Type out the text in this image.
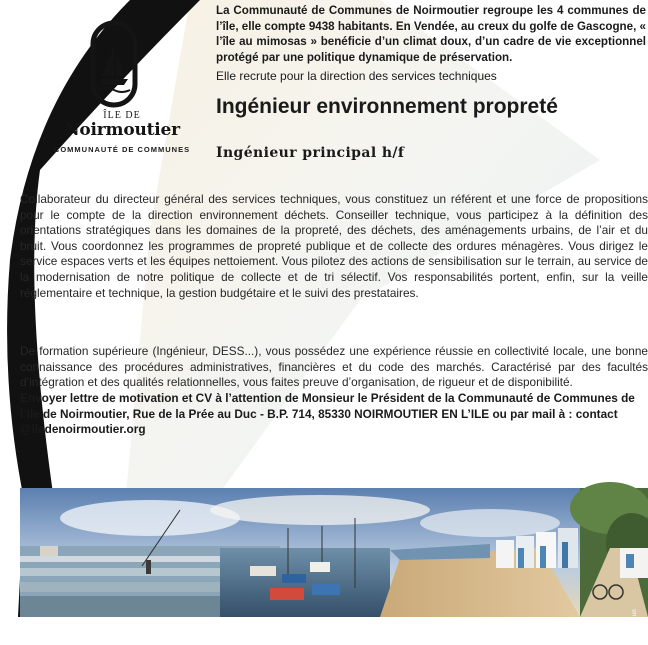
ÎLE DE
Noirmoutier
COMMUNAUTÉ DE COMMUNES

La Communauté de Communes de Noirmoutier regroupe les 4 communes de l’île, elle compte 9438 habitants. En Vendée, au creux du golfe de Gascogne, « l’île au mimosas » benéficie d’un climat doux, d’un cadre de vie exceptionnel protégé par une politique dynamique de préservation.

Elle recrute pour la direction des services techniques

Ingénieur environnement propreté
Ingénieur principal h/f

Collaborateur du directeur général des services techniques, vous constituez un référent et une force de propositions pour le compte de la direction environnement déchets. Conseiller technique, vous participez à la définition des orientations stratégiques dans les domaines de la propreté, des déchets, des aménagements urbains, de l’air et du bruit. Vous coordonnez les programmes de propreté publique et de collecte des ordures ménagères. Vous dirigez le service espaces verts et les équipes nettoiement. Vous pilotez des actions de sensibilisation sur le terrain, au service de la modernisation de notre politique de collecte et de tri sélectif. Vos responsabilités portent, enfin, sur la veille réglementaire et technique, la gestion budgétaire et le suivi des prestataires.

De formation supérieure (Ingénieur, DESS...), vous possédez une expérience réussie en collectivité locale, une bonne connaissance des procédures administratives, financières et du code des marchés. Caractérisé par des facultés d’intégration et des qualités relationnelles, vous faites preuve d’organisation, de rigueur et de disponibilité.

Envoyer lettre de motivation et CV à l’attention de Monsieur le Président de la Communauté de Communes de l’Ile de Noirmoutier, Rue de la Prée au Duc - B.P. 714, 85330 NOIRMOUTIER EN L’ILE ou par mail à : contact @iledenoirmoutier.org

© Sam Brun
